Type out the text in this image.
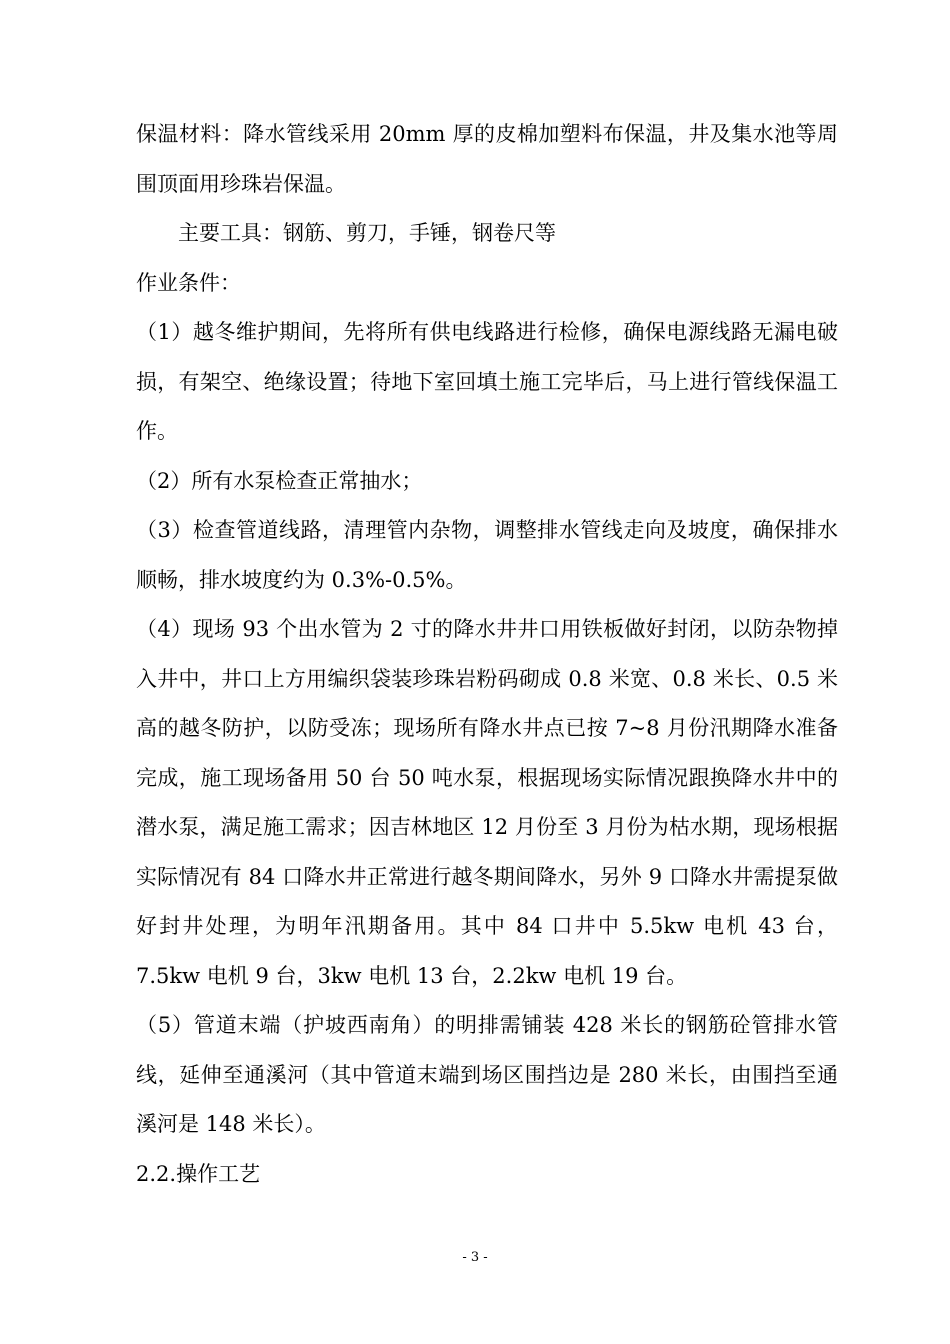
保温材料：降水管线采用 20mm 厚的皮棉加塑料布保温，井及集水池等周围顶面用珍珠岩保温。

主要工具：钢筋、剪刀，手锤，钢卷尺等

作业条件：

（1）越冬维护期间，先将所有供电线路进行检修，确保电源线路无漏电破损，有架空、绝缘设置；待地下室回填土施工完毕后，马上进行管线保温工作。

（2）所有水泵检查正常抽水；

（3）检查管道线路，清理管内杂物，调整排水管线走向及坡度，确保排水顺畅，排水坡度约为 0.3%-0.5%。

（4）现场 93 个出水管为 2 寸的降水井井口用铁板做好封闭，以防杂物掉入井中，井口上方用编织袋装珍珠岩粉码砌成 0.8 米宽、0.8 米长、0.5 米高的越冬防护，以防受冻；现场所有降水井点已按 7~8 月份汛期降水准备完成，施工现场备用 50 台 50 吨水泵，根据现场实际情况跟换降水井中的潜水泵，满足施工需求；因吉林地区 12 月份至 3 月份为枯水期，现场根据实际情况有 84 口降水井正常进行越冬期间降水，另外 9 口降水井需提泵做好封井处理，为明年汛期备用。其中 84 口井中 5.5kw 电机 43 台，7.5kw 电机 9 台，3kw 电机 13 台，2.2kw 电机 19 台。

（5）管道末端（护坡西南角）的明排需铺装 428 米长的钢筋砼管排水管线，延伸至通溪河（其中管道末端到场区围挡边是 280 米长，由围挡至通溪河是 148 米长）。

2.2.操作工艺

- 3 -
